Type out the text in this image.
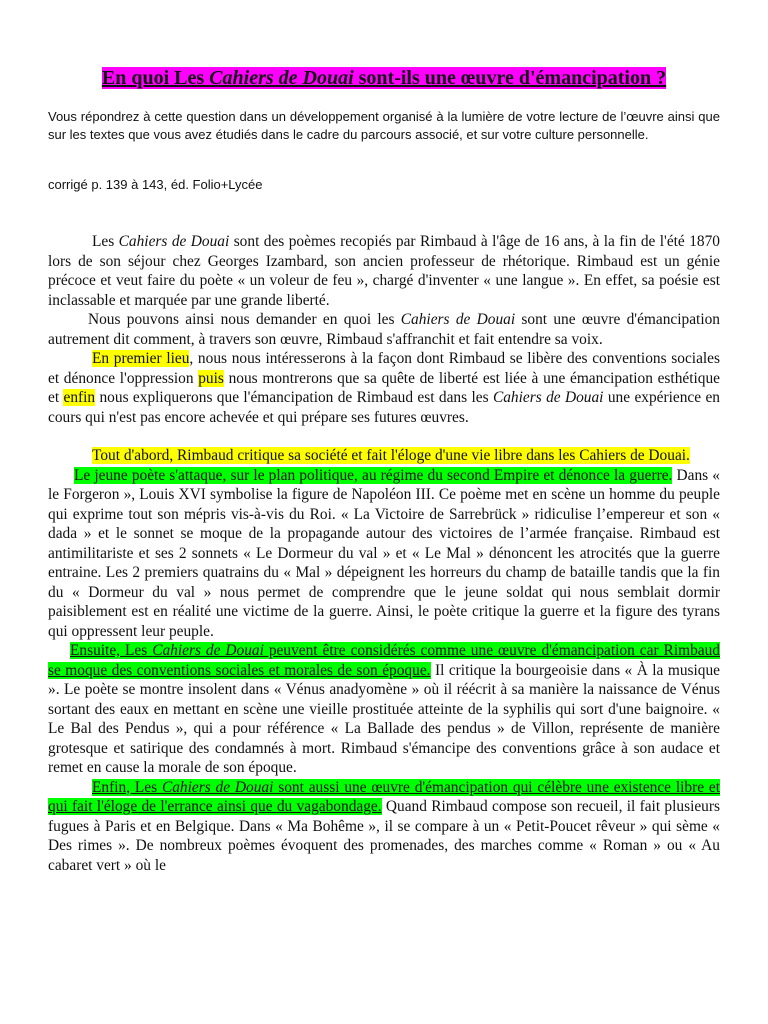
En quoi Les Cahiers de Douai sont-ils une œuvre d'émancipation ?

Vous répondrez à cette question dans un développement organisé à la lumière de votre lecture de l’œuvre ainsi que sur les textes que vous avez étudiés dans le cadre du parcours associé, et sur votre culture personnelle.

corrigé p. 139 à 143, éd. Folio+Lycée

Les Cahiers de Douai sont des poèmes recopiés par Rimbaud à l'âge de 16 ans, à la fin de l'été 1870 lors de son séjour chez Georges Izambard, son ancien professeur de rhétorique. Rimbaud est un génie précoce et veut faire du poète « un voleur de feu », chargé d'inventer « une langue ». En effet, sa poésie est inclassable et marquée par une grande liberté.

Nous pouvons ainsi nous demander en quoi les Cahiers de Douai sont une œuvre d'émancipation autrement dit comment, à travers son œuvre, Rimbaud s'affranchit et fait entendre sa voix.

En premier lieu, nous nous intéresserons à la façon dont Rimbaud se libère des conventions sociales et dénonce l'oppression puis nous montrerons que sa quête de liberté est liée à une émancipation esthétique et enfin nous expliquerons que l'émancipation de Rimbaud est dans les Cahiers de Douai une expérience en cours qui n'est pas encore achevée et qui prépare ses futures œuvres.

Tout d'abord, Rimbaud critique sa société et fait l'éloge d'une vie libre dans les Cahiers de Douai.

Le jeune poète s'attaque, sur le plan politique, au régime du second Empire et dénonce la guerre. Dans « le Forgeron », Louis XVI symbolise la figure de Napoléon III. Ce poème met en scène un homme du peuple qui exprime tout son mépris vis-à-vis du Roi. « La Victoire de Sarrebrück » ridiculise l’empereur et son « dada » et le sonnet se moque de la propagande autour des victoires de l’armée française. Rimbaud est antimilitariste et ses 2 sonnets « Le Dormeur du val » et « Le Mal » dénoncent les atrocités que la guerre entraine. Les 2 premiers quatrains du « Mal » dépeignent les horreurs du champ de bataille tandis que la fin du « Dormeur du val » nous permet de comprendre que le jeune soldat qui nous semblait dormir paisiblement est en réalité une victime de la guerre. Ainsi, le poète critique la guerre et la figure des tyrans qui oppressent leur peuple.

Ensuite, Les Cahiers de Douai peuvent être considérés comme une œuvre d'émancipation car Rimbaud se moque des conventions sociales et morales de son époque. Il critique la bourgeoisie dans « À la musique ». Le poète se montre insolent dans « Vénus anadyomène » où il réécrit à sa manière la naissance de Vénus sortant des eaux en mettant en scène une vieille prostituée atteinte de la syphilis qui sort d'une baignoire. « Le Bal des Pendus », qui a pour référence « La Ballade des pendus » de Villon, représente de manière grotesque et satirique des condamnés à mort. Rimbaud s'émancipe des conventions grâce à son audace et remet en cause la morale de son époque.

Enfin, Les Cahiers de Douai sont aussi une œuvre d'émancipation qui célèbre une existence libre et qui fait l'éloge de l'errance ainsi que du vagabondage. Quand Rimbaud compose son recueil, il fait plusieurs fugues à Paris et en Belgique. Dans « Ma Bohême », il se compare à un « Petit-Poucet rêveur » qui sème « Des rimes ». De nombreux poèmes évoquent des promenades, des marches comme « Roman » ou « Au cabaret vert » où le
